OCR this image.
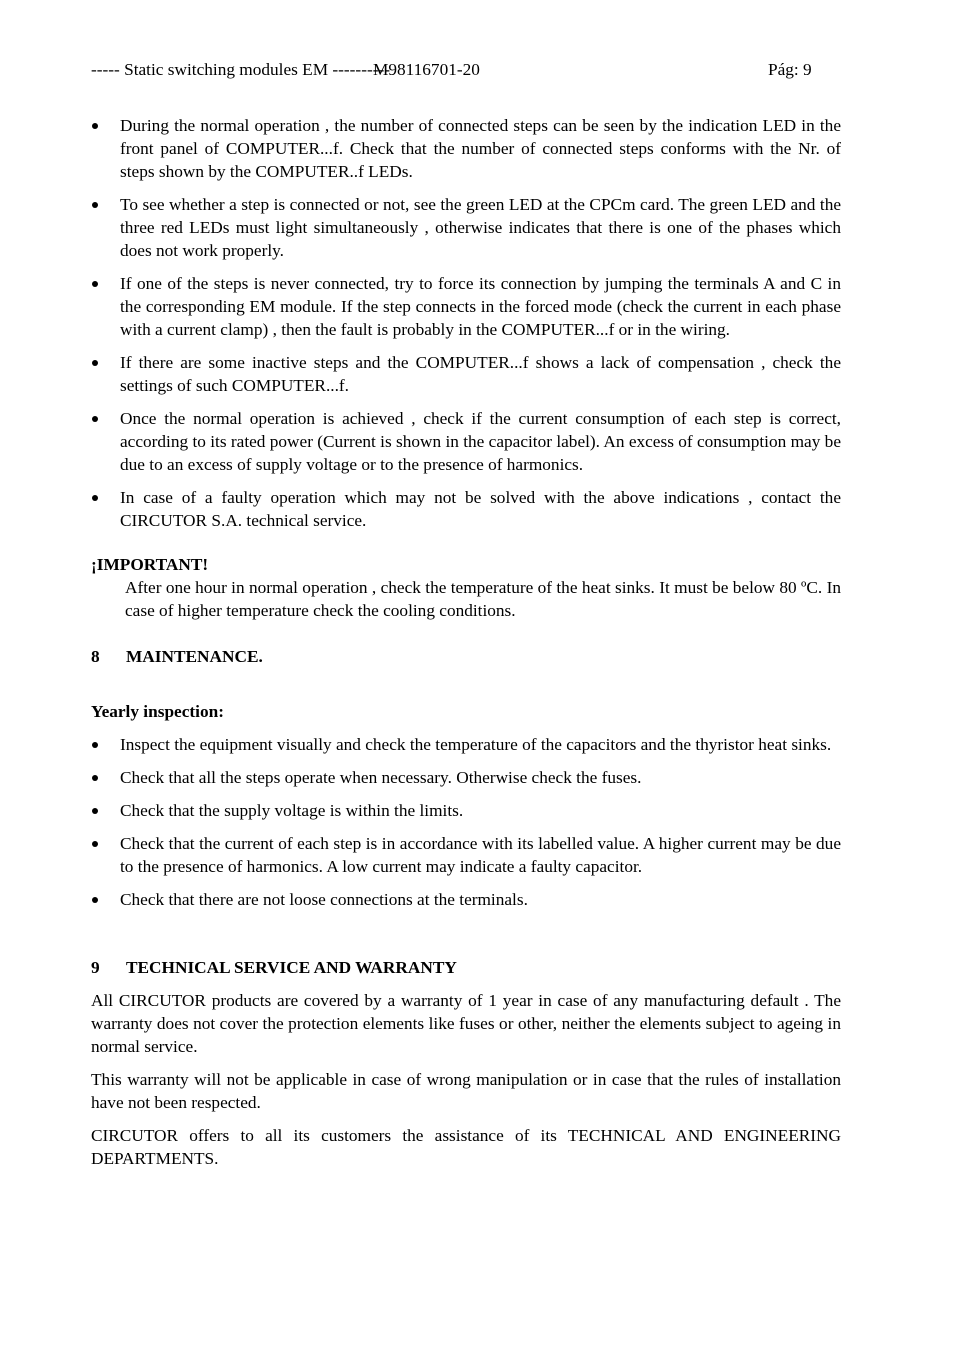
----- Static switching modules EM ----------
M98116701-20	Pág: 9
During the normal operation , the number of connected steps can be seen by the indication LED in the front panel of COMPUTER...f. Check that the number of connected steps conforms with the Nr. of steps shown by the COMPUTER..f LEDs.
To see whether a step is connected or not, see the green LED at the CPCm card. The green LED and the three red LEDs must light simultaneously , otherwise indicates that there is one of the phases which does not work properly.
If one of the steps is never connected, try to force its connection by jumping the terminals A and C in the corresponding EM module. If the step connects in the forced mode (check the current in each phase with a current clamp) , then the fault is probably in the COMPUTER...f or in the wiring.
If there are some inactive steps and the COMPUTER...f shows a lack of compensation , check the settings of such COMPUTER...f.
Once the normal operation is achieved , check if the current consumption of each step is correct, according to its rated power (Current is shown in the capacitor label). An excess of consumption may be due to an excess of supply voltage or to the presence of harmonics.
In case of a faulty operation which may not be solved with the above indications , contact the CIRCUTOR S.A. technical service.
¡IMPORTANT!
After one hour in normal operation , check the temperature of the heat sinks. It must be below 80 ºC. In case of higher temperature check the cooling conditions.
8 MAINTENANCE.
Yearly inspection:
Inspect the equipment visually and check the temperature of the capacitors and the thyristor heat sinks.
Check that all the steps operate when necessary. Otherwise check the fuses.
Check that the supply voltage is within the limits.
Check that the current of each step is in accordance with its labelled value. A higher current may be due to the presence of harmonics. A low current may indicate a faulty capacitor.
Check that there are not loose connections at the terminals.
9 TECHNICAL SERVICE AND WARRANTY

All CIRCUTOR products are covered by a warranty of 1 year in case of any manufacturing default . The warranty does not cover the protection elements like fuses or other, neither the elements subject to ageing in normal service.

This warranty will not be applicable in case of wrong manipulation or in case that the rules of installation have not been respected.

CIRCUTOR offers to all its customers the assistance of its TECHNICAL AND ENGINEERING DEPARTMENTS.
